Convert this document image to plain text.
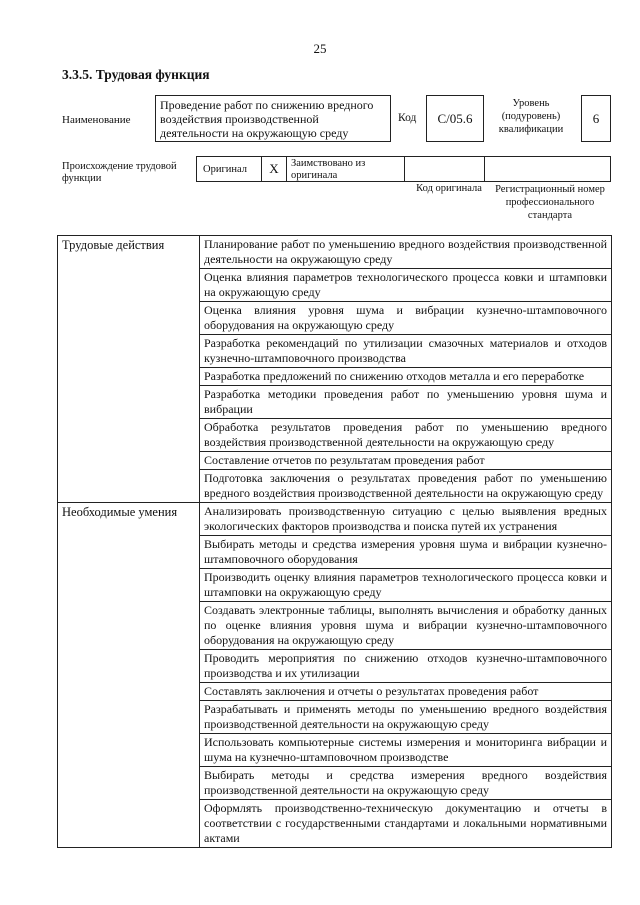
25
3.3.5. Трудовая функция
Наименование
Проведение работ по снижению вредного воздействия производственной деятельности на окружающую среду
Код	С/05.6
Уровень (подуровень) квалификации
6
Происхождение трудовой функции
Оригинал	X	Заимствовано из оригинала
Код оригинала	Регистрационный номер профессионального стандарта
Трудовые действия	Планирование работ по уменьшению вредного воздействия производственной деятельности на окружающую среду
	Оценка влияния параметров технологического процесса ковки и штамповки на окружающую среду
	Оценка влияния уровня шума и вибрации кузнечно-штамповочного оборудования на окружающую среду
	Разработка рекомендаций по утилизации смазочных материалов и отходов кузнечно-штамповочного производства
	Разработка предложений по снижению отходов металла и его переработке
	Разработка методики проведения работ по уменьшению уровня шума и вибрации
	Обработка результатов проведения работ по уменьшению вредного воздействия производственной деятельности на окружающую среду
	Составление отчетов по результатам проведения работ
	Подготовка заключения о результатах проведения работ по уменьшению вредного воздействия производственной деятельности на окружающую среду
Необходимые умения	Анализировать производственную ситуацию с целью выявления вредных экологических факторов производства и поиска путей их устранения
	Выбирать методы и средства измерения уровня шума и вибрации кузнечно-штамповочного оборудования
	Производить оценку влияния параметров технологического процесса ковки и штамповки на окружающую среду
	Создавать электронные таблицы, выполнять вычисления и обработку данных по оценке влияния уровня шума и вибрации кузнечно-штамповочного оборудования на окружающую среду
	Проводить мероприятия по снижению отходов кузнечно-штамповочного производства и их утилизации
	Составлять заключения и отчеты о результатах проведения работ
	Разрабатывать и применять методы по уменьшению вредного воздействия производственной деятельности на окружающую среду
	Использовать компьютерные системы измерения и мониторинга вибрации и шума на кузнечно-штамповочном производстве
	Выбирать методы и средства измерения вредного воздействия производственной деятельности на окружающую среду
	Оформлять производственно-техническую документацию и отчеты в соответствии с государственными стандартами и локальными нормативными актами
